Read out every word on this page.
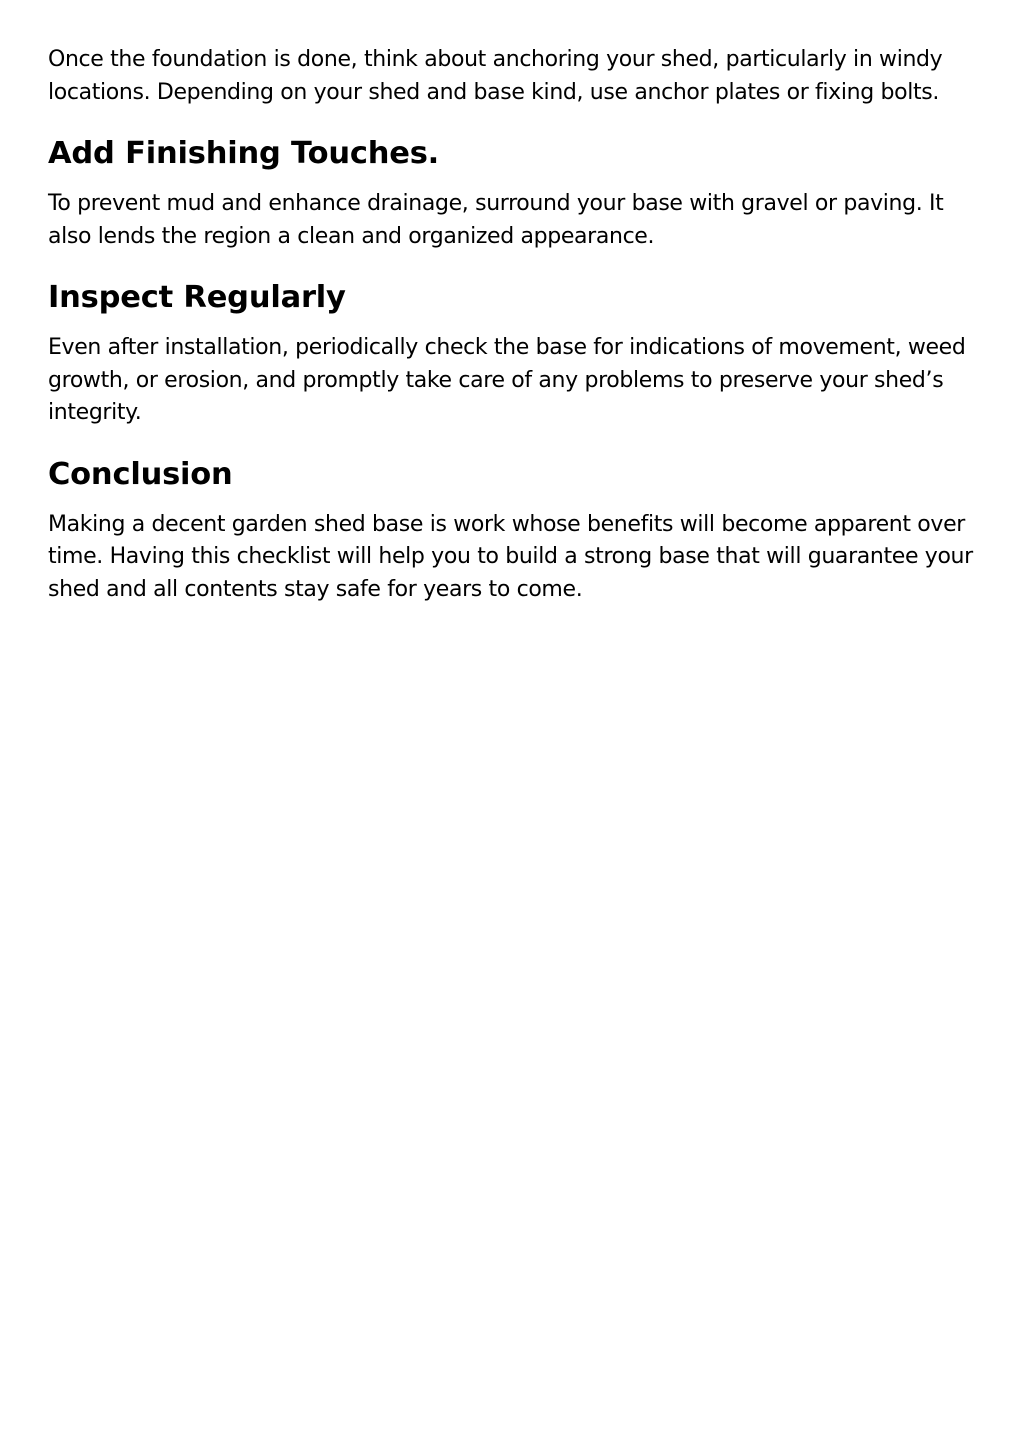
Once the foundation is done, think about anchoring your shed, particularly in windy locations. Depending on your shed and base kind, use anchor plates or fixing bolts.

Add Finishing Touches.

To prevent mud and enhance drainage, surround your base with gravel or paving. It also lends the region a clean and organized appearance.

Inspect Regularly

Even after installation, periodically check the base for indications of movement, weed growth, or erosion, and promptly take care of any problems to preserve your shed’s integrity.

Conclusion

Making a decent garden shed base is work whose benefits will become apparent over time. Having this checklist will help you to build a strong base that will guarantee your shed and all contents stay safe for years to come.
